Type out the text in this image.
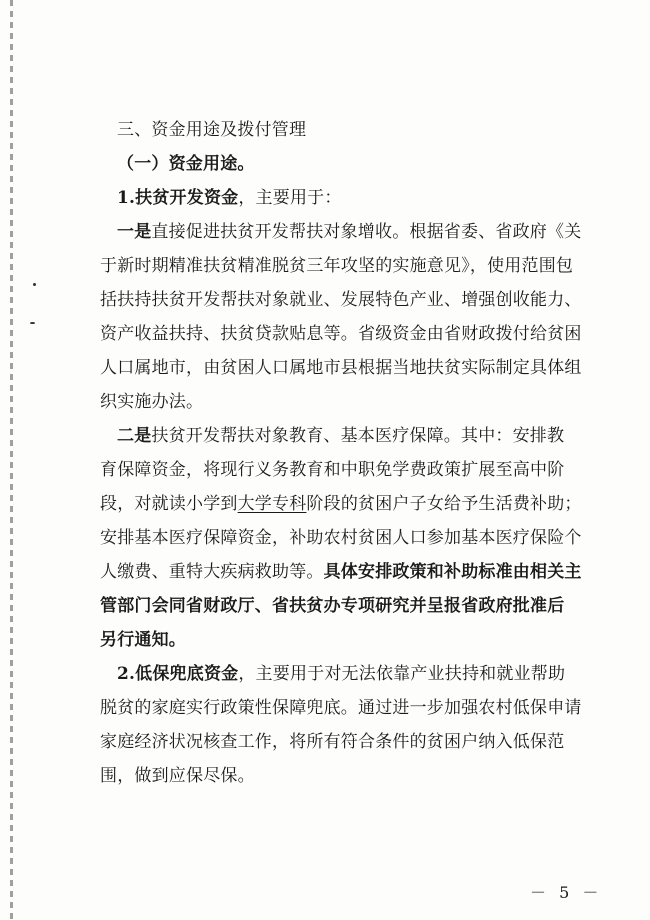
三、资金用途及拨付管理
（一）资金用途。
1.扶贫开发资金，主要用于：
一是直接促进扶贫开发帮扶对象增收。根据省委、省政府《关
于新时期精准扶贫精准脱贫三年攻坚的实施意见》，使用范围包
括扶持扶贫开发帮扶对象就业、发展特色产业、增强创收能力、
资产收益扶持、扶贫贷款贴息等。省级资金由省财政拨付给贫困
人口属地市，由贫困人口属地市县根据当地扶贫实际制定具体组
织实施办法。
二是扶贫开发帮扶对象教育、基本医疗保障。其中：安排教
育保障资金，将现行义务教育和中职免学费政策扩展至高中阶
段，对就读小学到大学专科阶段的贫困户子女给予生活费补助；
安排基本医疗保障资金，补助农村贫困人口参加基本医疗保险个
人缴费、重特大疾病救助等。具体安排政策和补助标准由相关主
管部门会同省财政厅、省扶贫办专项研究并呈报省政府批准后
另行通知。
2.低保兜底资金，主要用于对无法依靠产业扶持和就业帮助
脱贫的家庭实行政策性保障兜底。通过进一步加强农村低保申请
家庭经济状况核查工作，将所有符合条件的贫困户纳入低保范
围，做到应保尽保。
－ 5 －
